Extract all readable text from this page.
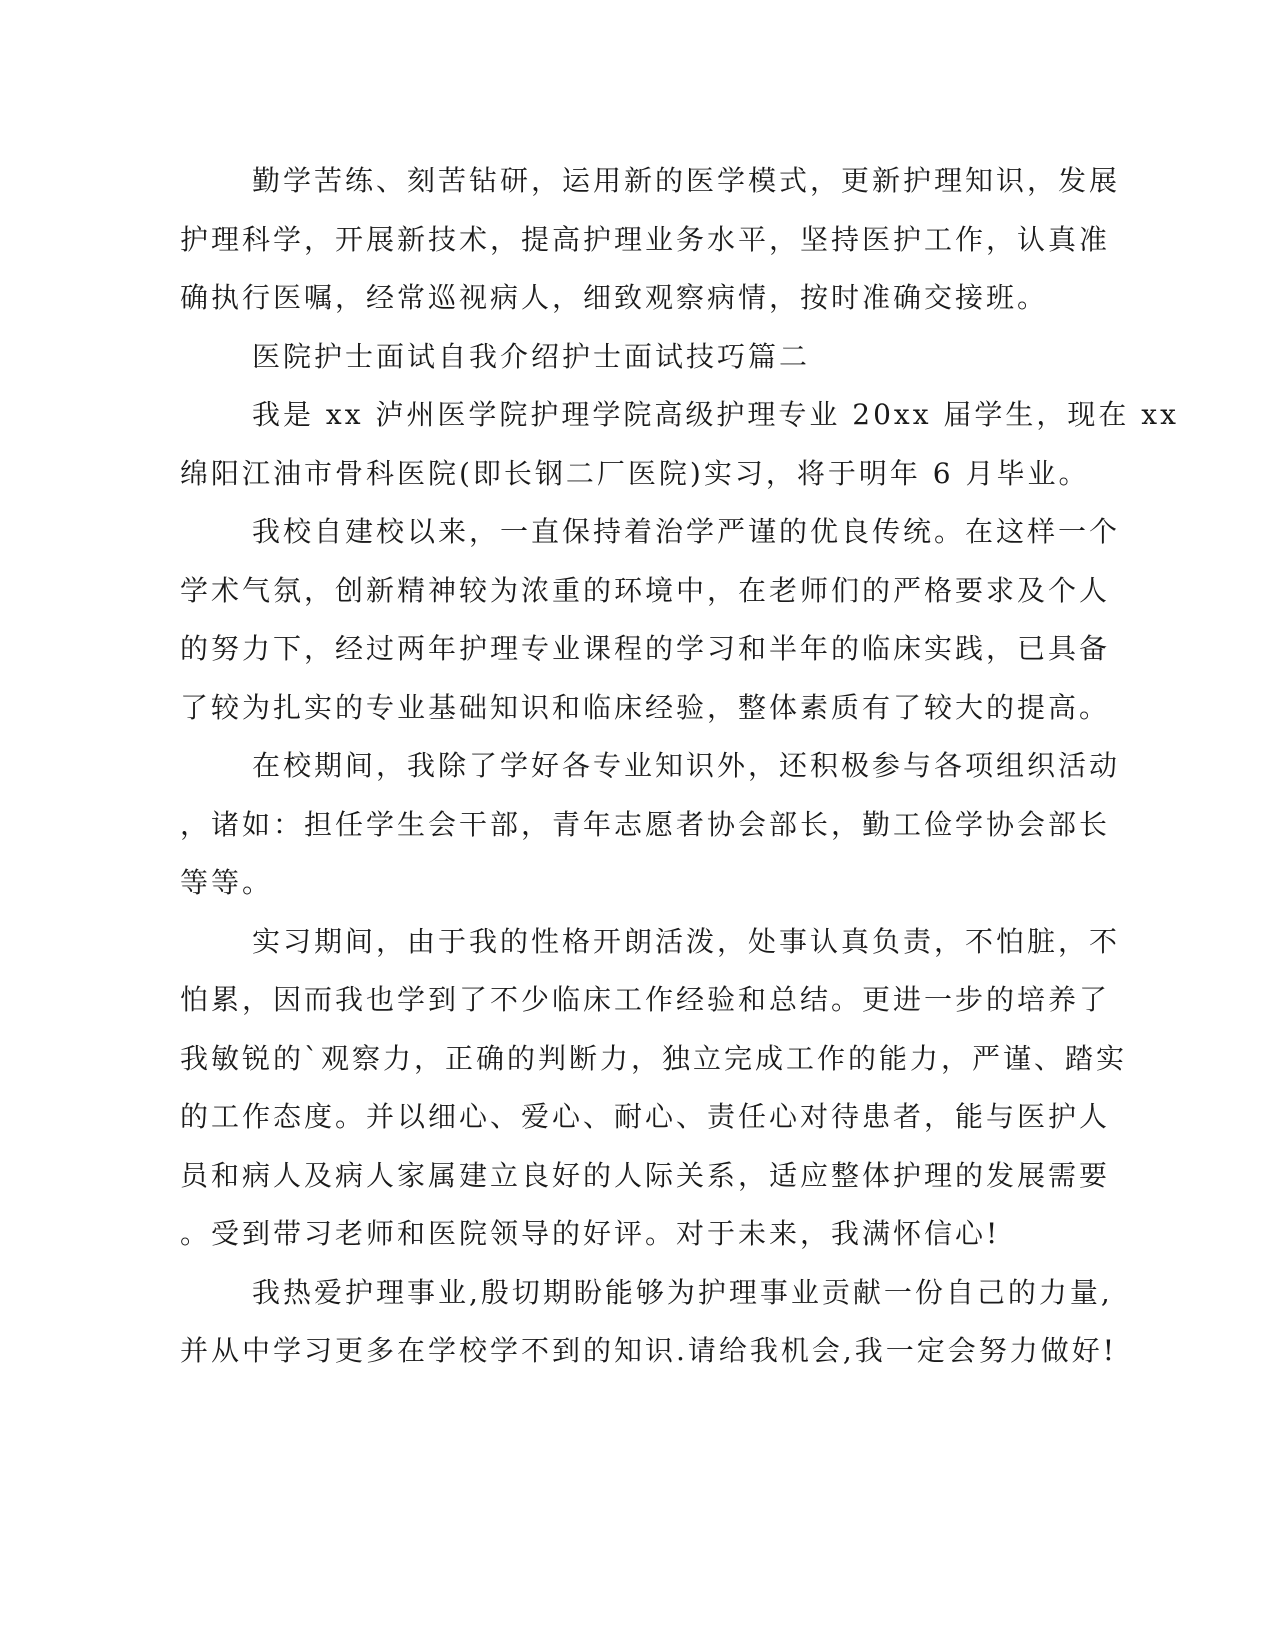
勤学苦练、刻苦钻研，运用新的医学模式，更新护理知识，发展
护理科学，开展新技术，提高护理业务水平，坚持医护工作，认真准
确执行医嘱，经常巡视病人，细致观察病情，按时准确交接班。

医院护士面试自我介绍护士面试技巧篇二

我是 xx 泸州医学院护理学院高级护理专业 20xx 届学生，现在 xx
绵阳江油市骨科医院(即长钢二厂医院)实习，将于明年 6 月毕业。

我校自建校以来，一直保持着治学严谨的优良传统。在这样一个
学术气氛，创新精神较为浓重的环境中，在老师们的严格要求及个人
的努力下，经过两年护理专业课程的学习和半年的临床实践，已具备
了较为扎实的专业基础知识和临床经验，整体素质有了较大的提高。

在校期间，我除了学好各专业知识外，还积极参与各项组织活动
，诸如：担任学生会干部，青年志愿者协会部长，勤工俭学协会部长
等等。

实习期间，由于我的性格开朗活泼，处事认真负责，不怕脏，不
怕累，因而我也学到了不少临床工作经验和总结。更进一步的培养了
我敏锐的`观察力，正确的判断力，独立完成工作的能力，严谨、踏实
的工作态度。并以细心、爱心、耐心、责任心对待患者，能与医护人
员和病人及病人家属建立良好的人际关系，适应整体护理的发展需要
。受到带习老师和医院领导的好评。对于未来，我满怀信心!

我热爱护理事业,殷切期盼能够为护理事业贡献一份自己的力量,
并从中学习更多在学校学不到的知识.请给我机会,我一定会努力做好!
